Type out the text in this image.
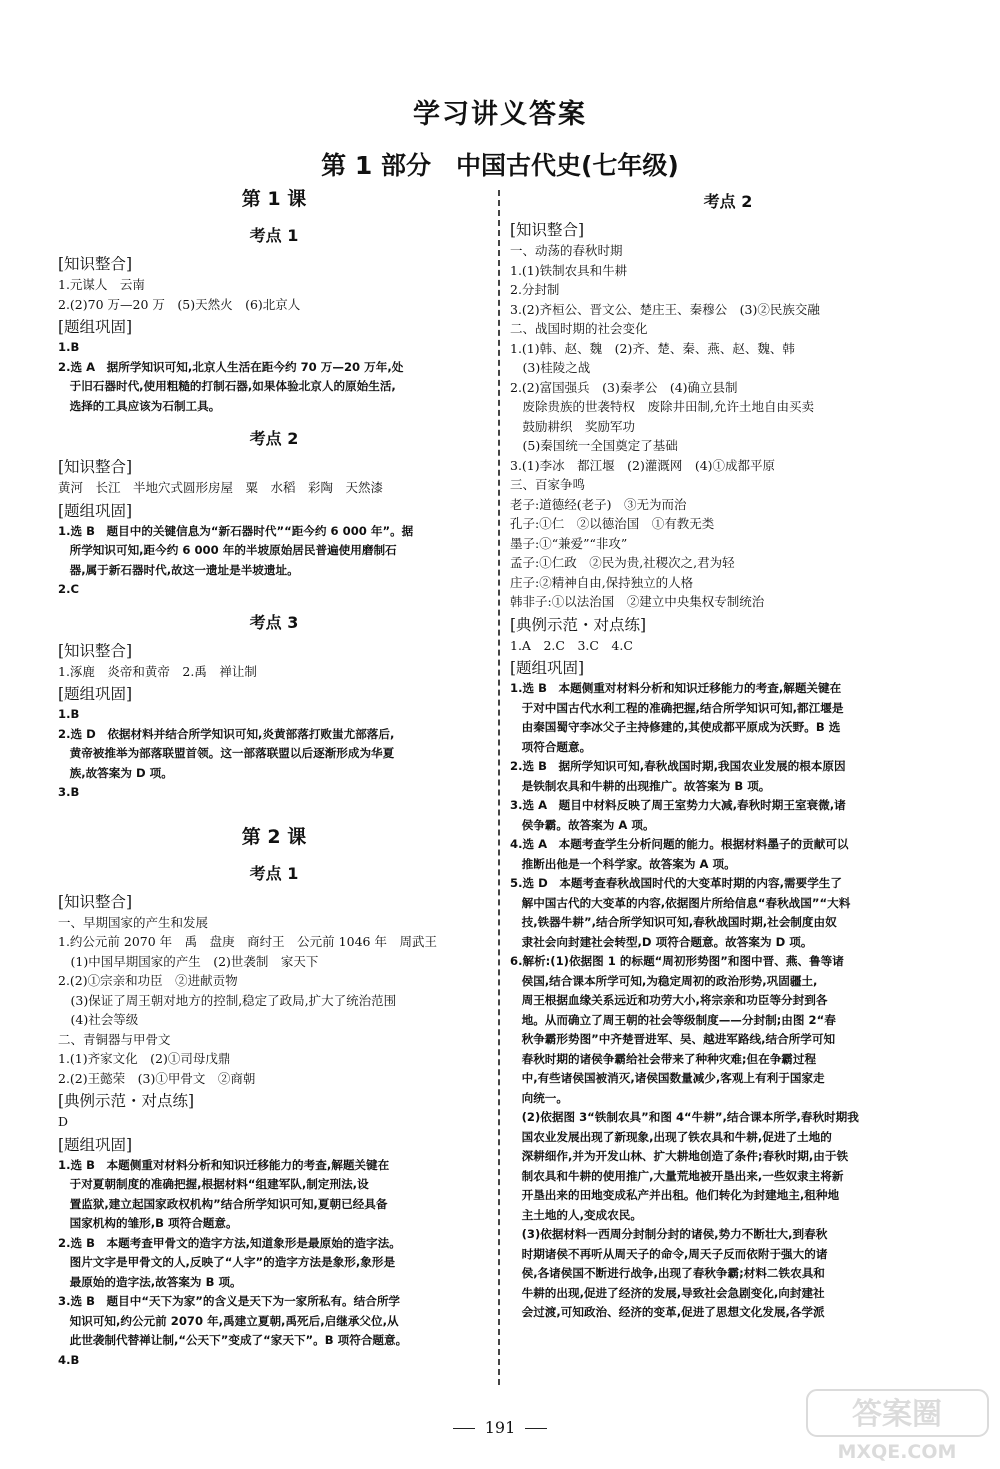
学习讲义答案
第 1 部分　中国古代史(七年级)
第 1 课
考点 1
[知识整合]
1.元谋人　云南
2.(2)70 万—20 万　(5)天然火　(6)北京人
[题组巩固]
1.B
2.选 A　据所学知识可知,北京人生活在距今约 70 万—20 万年,处
　于旧石器时代,使用粗糙的打制石器,如果体验北京人的原始生活,
　选择的工具应该为石制工具。
考点 2
[知识整合]
黄河　长江　半地穴式圆形房屋　粟　水稻　彩陶　天然漆
[题组巩固]
1.选 B　题目中的关键信息为“新石器时代”“距今约 6 000 年”。据
　所学知识可知,距今约 6 000 年的半坡原始居民普遍使用磨制石
　器,属于新石器时代,故这一遗址是半坡遗址。
2.C
考点 3
[知识整合]
1.涿鹿　炎帝和黄帝　2.禹　禅让制
[题组巩固]
1.B
2.选 D　依据材料并结合所学知识可知,炎黄部落打败蚩尤部落后,
　黄帝被推举为部落联盟首领。这一部落联盟以后逐渐形成为华夏
　族,故答案为 D 项。
3.B
第 2 课
考点 1
[知识整合]
一、早期国家的产生和发展
1.约公元前 2070 年　禹　盘庚　商纣王　公元前 1046 年　周武王
　(1)中国早期国家的产生　(2)世袭制　家天下
2.(2)①宗亲和功臣　②进献贡物
　(3)保证了周王朝对地方的控制,稳定了政局,扩大了统治范围
　(4)社会等级
二、青铜器与甲骨文
1.(1)齐家文化　(2)①司母戊鼎
2.(2)王懿荣　(3)①甲骨文　②商朝
[典例示范・对点练]
D
[题组巩固]
1.选 B　本题侧重对材料分析和知识迁移能力的考查,解题关键在
　于对夏朝制度的准确把握,根据材料“组建军队,制定刑法,设
　置监狱,建立起国家政权机构”结合所学知识可知,夏朝已经具备
　国家机构的雏形,B 项符合题意。
2.选 B　本题考查甲骨文的造字方法,知道象形是最原始的造字法。
　图片文字是甲骨文的人,反映了“人字”的造字方法是象形,象形是
　最原始的造字法,故答案为 B 项。
3.选 B　题目中“天下为家”的含义是天下为一家所私有。结合所学
　知识可知,约公元前 2070 年,禹建立夏朝,禹死后,启继承父位,从
　此世袭制代替禅让制,“公天下”变成了“家天下”。B 项符合题意。
4.B
考点 2
[知识整合]
一、动荡的春秋时期
1.(1)铁制农具和牛耕
2.分封制
3.(2)齐桓公、晋文公、楚庄王、秦穆公　(3)②民族交融
二、战国时期的社会变化
1.(1)韩、赵、魏　(2)齐、楚、秦、燕、赵、魏、韩
　(3)桂陵之战
2.(2)富国强兵　(3)秦孝公　(4)确立县制
　废除贵族的世袭特权　废除井田制,允许土地自由买卖
　鼓励耕织　奖励军功
　(5)秦国统一全国奠定了基础
3.(1)李冰　都江堰　(2)灌溉网　(4)①成都平原
三、百家争鸣
老子:道德经(老子)　③无为而治
孔子:①仁　②以德治国　①有教无类
墨子:①“兼爱”“非攻”
孟子:①仁政　②民为贵,社稷次之,君为轻
庄子:②精神自由,保持独立的人格
韩非子:①以法治国　②建立中央集权专制统治
[典例示范・对点练]
1.A　2.C　3.C　4.C
[题组巩固]
1.选 B　本题侧重对材料分析和知识迁移能力的考查,解题关键在
　于对中国古代水利工程的准确把握,结合所学知识可知,都江堰是
　由秦国蜀守李冰父子主持修建的,其使成都平原成为沃野。B 选
　项符合题意。
2.选 B　据所学知识可知,春秋战国时期,我国农业发展的根本原因
　是铁制农具和牛耕的出现推广。故答案为 B 项。
3.选 A　题目中材料反映了周王室势力大减,春秋时期王室衰微,诸
　侯争霸。故答案为 A 项。
4.选 A　本题考查学生分析问题的能力。根据材料墨子的贡献可以
　推断出他是一个科学家。故答案为 A 项。
5.选 D　本题考查春秋战国时代的大变革时期的内容,需要学生了
　解中国古代的大变革的内容,依据图片所给信息“春秋战国”“大料
　技,铁器牛耕”,结合所学知识可知,春秋战国时期,社会制度由奴
　隶社会向封建社会转型,D 项符合题意。故答案为 D 项。
6.解析:(1)依据图 1 的标题“周初形势图”和图中晋、燕、鲁等诸
　侯国,结合课本所学可知,为稳定周初的政治形势,巩固疆土,
　周王根据血缘关系远近和功劳大小,将宗亲和功臣等分封到各
　地。从而确立了周王朝的社会等级制度——分封制;由图 2“春
　秋争霸形势图”中齐楚晋进军、吴、越进军路线,结合所学可知
　春秋时期的诸侯争霸给社会带来了种种灾难;但在争霸过程
　中,有些诸侯国被消灭,诸侯国数量减少,客观上有利于国家走
　向统一。
　(2)依据图 3“铁制农具”和图 4“牛耕”,结合课本所学,春秋时期我
　国农业发展出现了新现象,出现了铁农具和牛耕,促进了土地的
　深耕细作,并为开发山林、扩大耕地创造了条件;春秋时期,由于铁
　制农具和牛耕的使用推广,大量荒地被开垦出来,一些奴隶主将新
　开垦出来的田地变成私产并出租。他们转化为封建地主,租种地
　主土地的人,变成农民。
　(3)依据材料一西周分封制分封的诸侯,势力不断壮大,到春秋
　时期诸侯不再听从周天子的命令,周天子反而依附于强大的诸
　侯,各诸侯国不断进行战争,出现了春秋争霸;材料二铁农具和
　牛耕的出现,促进了经济的发展,导致社会急剧变化,向封建社
　会过渡,可知政治、经济的变革,促进了思想文化发展,各学派
191	答案圈
MXQE.COM
